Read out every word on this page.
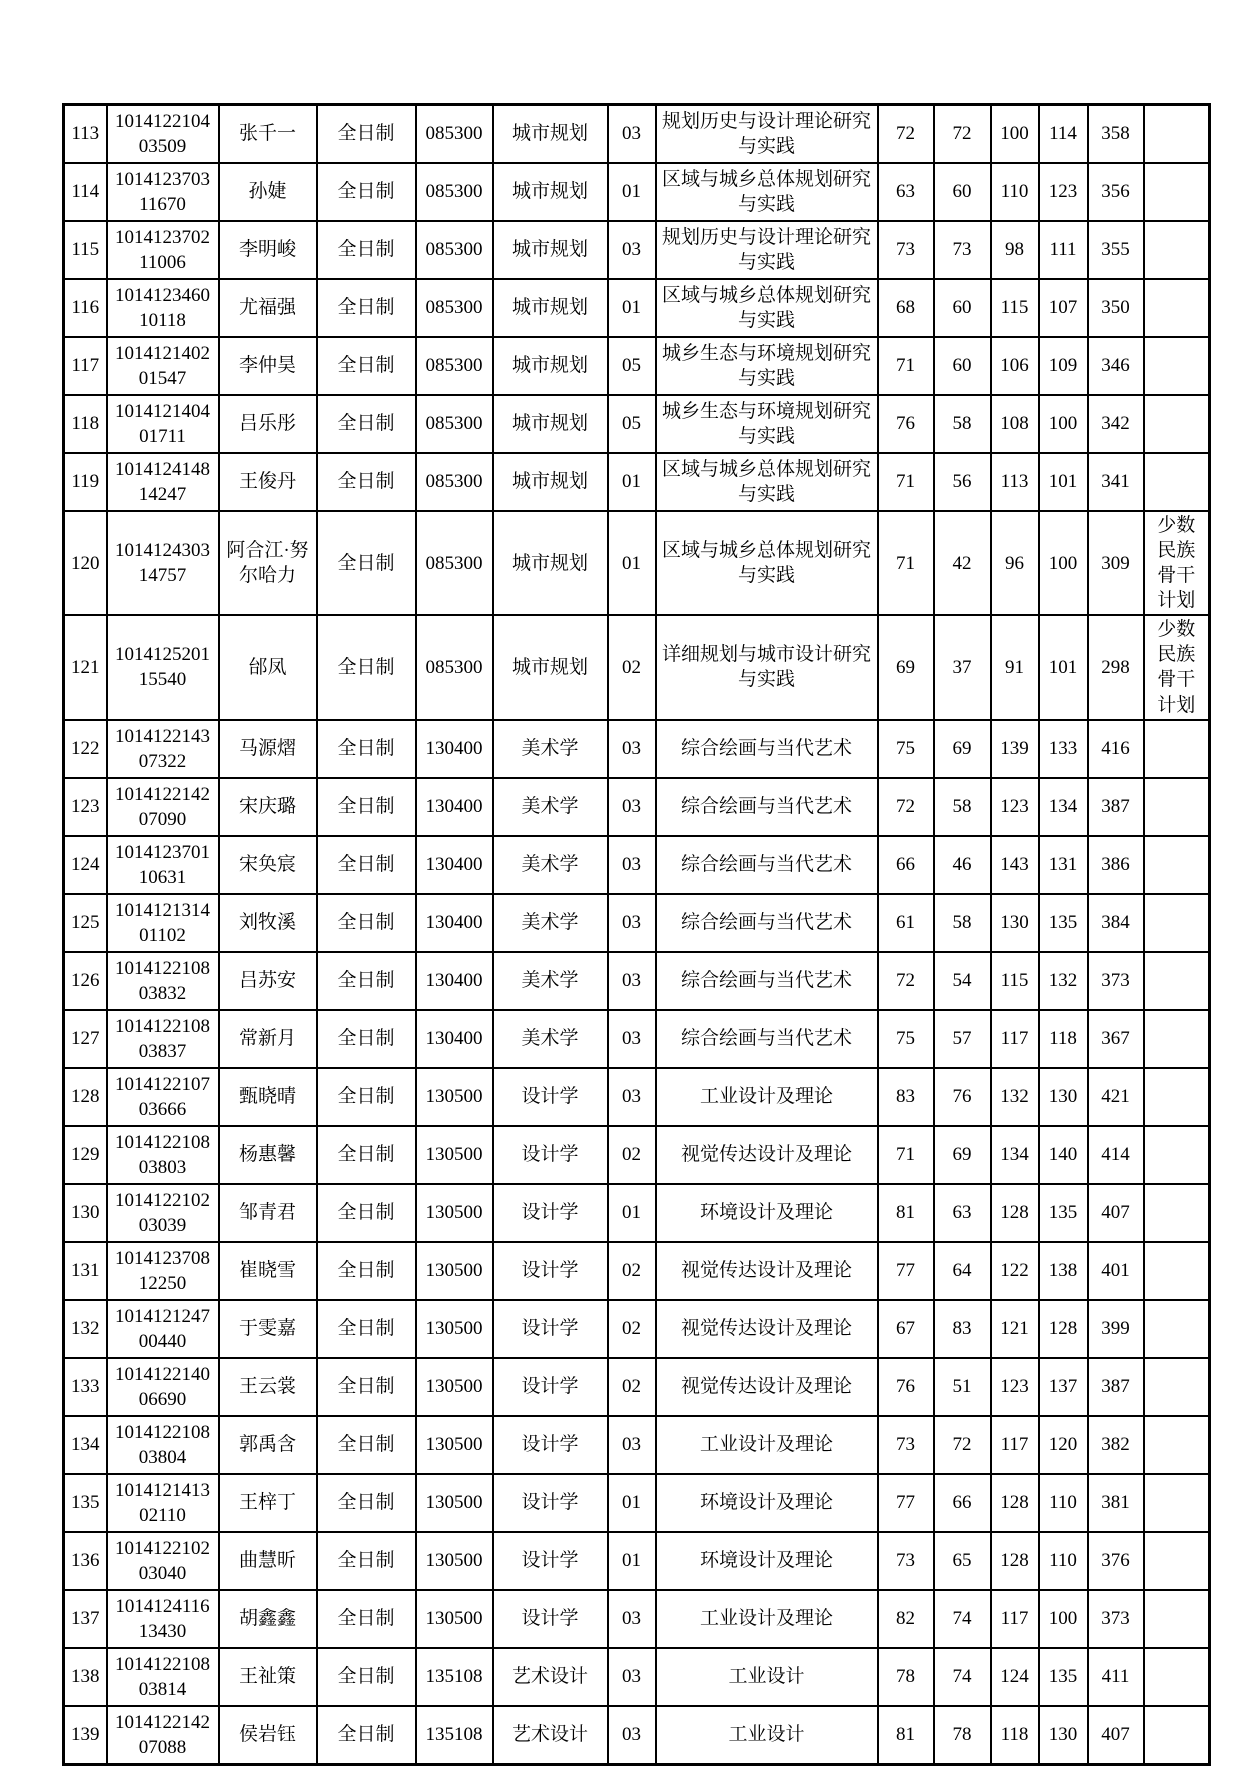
113	101412210403509	张千一	全日制	085300	城市规划	03	规划历史与设计理论研究与实践	72	72	100	114	358	
114	101412370311670	孙婕	全日制	085300	城市规划	01	区域与城乡总体规划研究与实践	63	60	110	123	356	
115	101412370211006	李明峻	全日制	085300	城市规划	03	规划历史与设计理论研究与实践	73	73	98	111	355	
116	101412346010118	尤福强	全日制	085300	城市规划	01	区域与城乡总体规划研究与实践	68	60	115	107	350	
117	101412140201547	李仲昊	全日制	085300	城市规划	05	城乡生态与环境规划研究与实践	71	60	106	109	346	
118	101412140401711	吕乐彤	全日制	085300	城市规划	05	城乡生态与环境规划研究与实践	76	58	108	100	342	
119	101412414814247	王俊丹	全日制	085300	城市规划	01	区域与城乡总体规划研究与实践	71	56	113	101	341	
120	101412430314757	阿合江·努尔哈力	全日制	085300	城市规划	01	区域与城乡总体规划研究与实践	71	42	96	100	309	少数民族骨干计划
121	101412520115540	邰凤	全日制	085300	城市规划	02	详细规划与城市设计研究与实践	69	37	91	101	298	少数民族骨干计划
122	101412214307322	马源熠	全日制	130400	美术学	03	综合绘画与当代艺术	75	69	139	133	416	
123	101412214207090	宋庆璐	全日制	130400	美术学	03	综合绘画与当代艺术	72	58	123	134	387	
124	101412370110631	宋奂宸	全日制	130400	美术学	03	综合绘画与当代艺术	66	46	143	131	386	
125	101412131401102	刘牧溪	全日制	130400	美术学	03	综合绘画与当代艺术	61	58	130	135	384	
126	101412210803832	吕苏安	全日制	130400	美术学	03	综合绘画与当代艺术	72	54	115	132	373	
127	101412210803837	常新月	全日制	130400	美术学	03	综合绘画与当代艺术	75	57	117	118	367	
128	101412210703666	甄晓晴	全日制	130500	设计学	03	工业设计及理论	83	76	132	130	421	
129	101412210803803	杨惠馨	全日制	130500	设计学	02	视觉传达设计及理论	71	69	134	140	414	
130	101412210203039	邹青君	全日制	130500	设计学	01	环境设计及理论	81	63	128	135	407	
131	101412370812250	崔晓雪	全日制	130500	设计学	02	视觉传达设计及理论	77	64	122	138	401	
132	101412124700440	于雯嘉	全日制	130500	设计学	02	视觉传达设计及理论	67	83	121	128	399	
133	101412214006690	王云裳	全日制	130500	设计学	02	视觉传达设计及理论	76	51	123	137	387	
134	101412210803804	郭禹含	全日制	130500	设计学	03	工业设计及理论	73	72	117	120	382	
135	101412141302110	王梓丁	全日制	130500	设计学	01	环境设计及理论	77	66	128	110	381	
136	101412210203040	曲慧昕	全日制	130500	设计学	01	环境设计及理论	73	65	128	110	376	
137	101412411613430	胡鑫鑫	全日制	130500	设计学	03	工业设计及理论	82	74	117	100	373	
138	101412210803814	王祉策	全日制	135108	艺术设计	03	工业设计	78	74	124	135	411	
139	101412214207088	侯岩钰	全日制	135108	艺术设计	03	工业设计	81	78	118	130	407	
